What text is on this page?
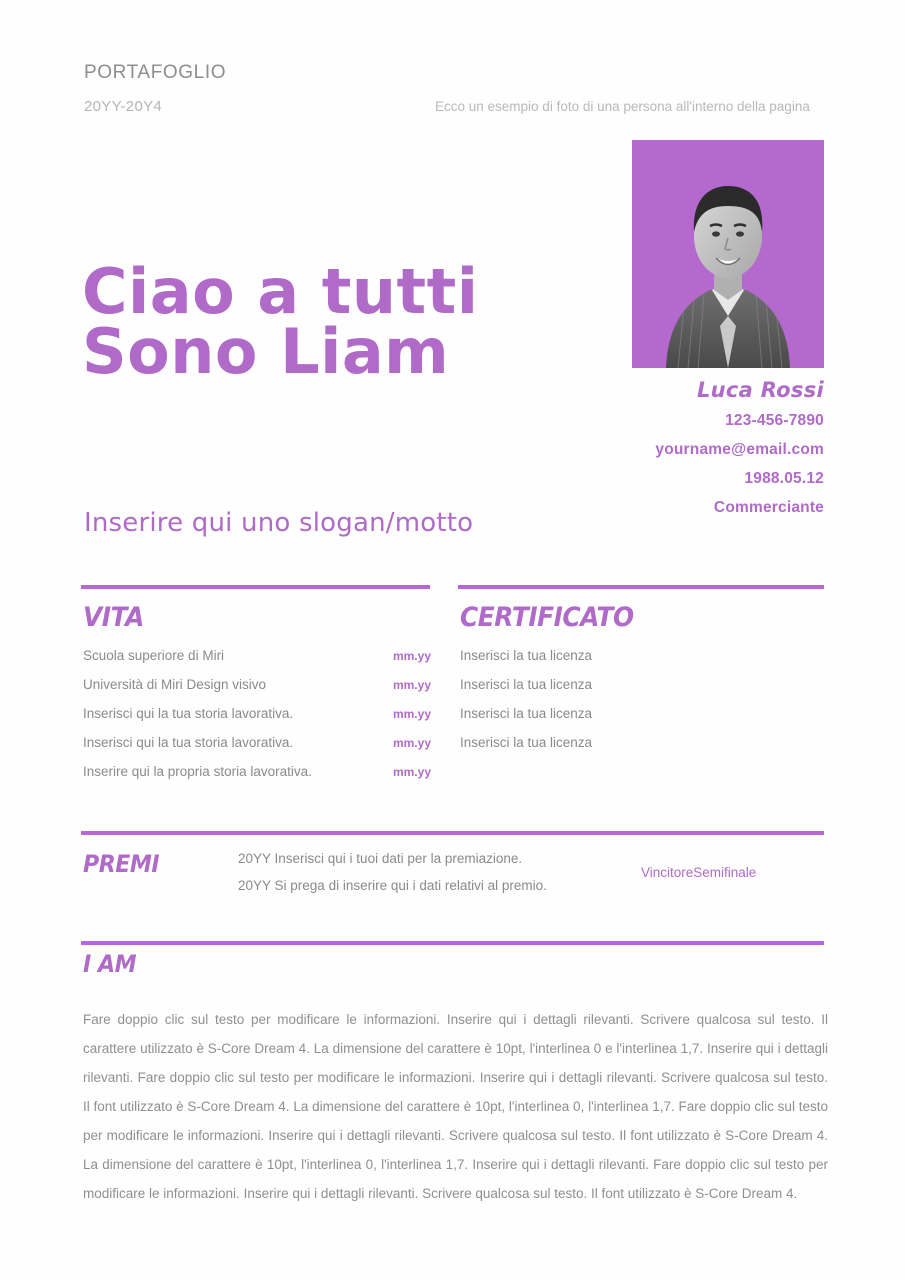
PORTAFOGLIO
20YY-20Y4	Ecco un esempio di foto di una persona all'interno della pagina
Ciao a tutti
Sono Liam
Luca Rossi
123-456-7890
yourname@email.com
1988.05.12
Commerciante
Inserire qui uno slogan/motto
VITA	CERTIFICATO
PREMI
I AM
Scuola superiore di Miri	mm.yy
Università di Miri Design visivo	mm.yy
Inserisci qui la tua storia lavorativa.	mm.yy
Inserisci qui la tua storia lavorativa.	mm.yy
Inserire qui la propria storia lavorativa.	mm.yy
Inserisci la tua licenza
Inserisci la tua licenza
Inserisci la tua licenza
Inserisci la tua licenza
20YY Inserisci qui i tuoi dati per la premiazione.
20YY Si prega di inserire qui i dati relativi al premio.
VincitoreSemifinale
Fare doppio clic sul testo per modificare le informazioni. Inserire qui i dettagli rilevanti. Scrivere qualcosa sul testo. Il carattere utilizzato è S-Core Dream 4. La dimensione del carattere è 10pt, l'interlinea 0 e l'interlinea 1,7. Inserire qui i dettagli rilevanti. Fare doppio clic sul testo per modificare le informazioni. Inserire qui i dettagli rilevanti. Scrivere qualcosa sul testo. Il font utilizzato è S-Core Dream 4. La dimensione del carattere è 10pt, l'interlinea 0, l'interlinea 1,7. Fare doppio clic sul testo per modificare le informazioni. Inserire qui i dettagli rilevanti. Scrivere qualcosa sul testo. Il font utilizzato è S-Core Dream 4. La dimensione del carattere è 10pt, l'interlinea 0, l'interlinea 1,7. Inserire qui i dettagli rilevanti. Fare doppio clic sul testo per modificare le informazioni. Inserire qui i dettagli rilevanti. Scrivere qualcosa sul testo. Il font utilizzato è S-Core Dream 4.
